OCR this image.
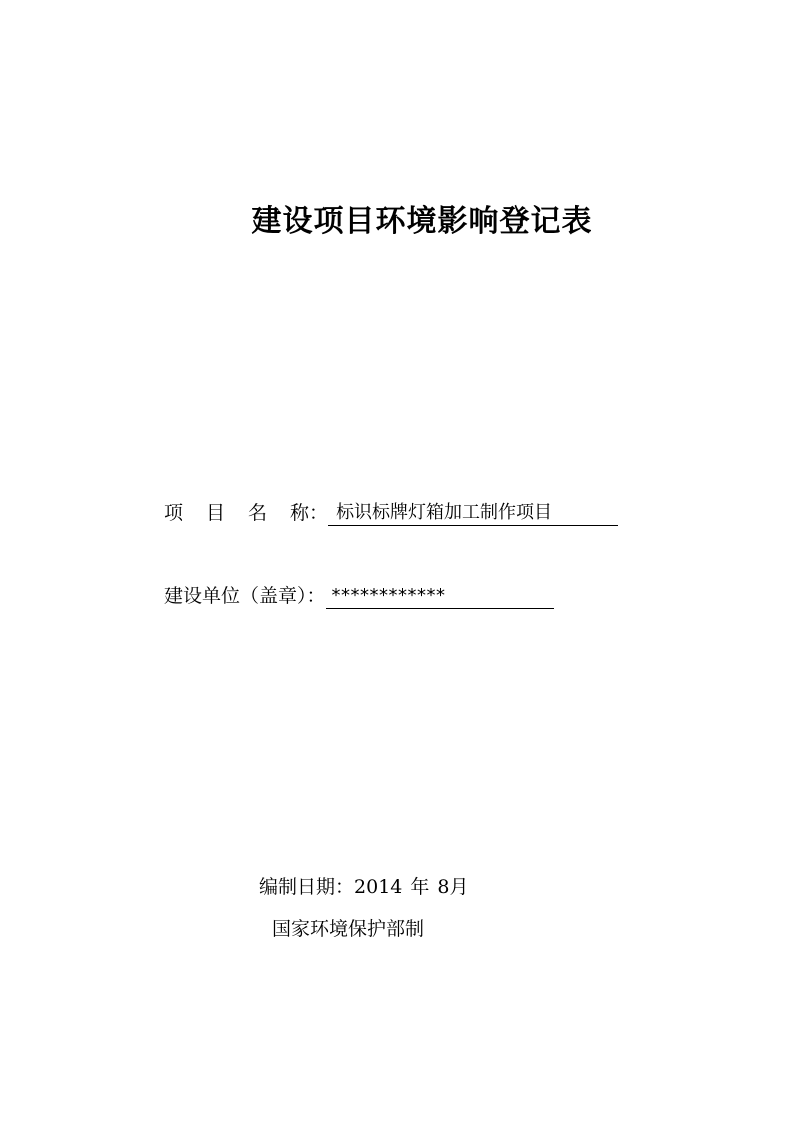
建设项目环境影响登记表
项目名称： 标识标牌灯箱加工制作项目
建设单位（盖章）： ************
编制日期：2014 年 8月
国家环境保护部制
